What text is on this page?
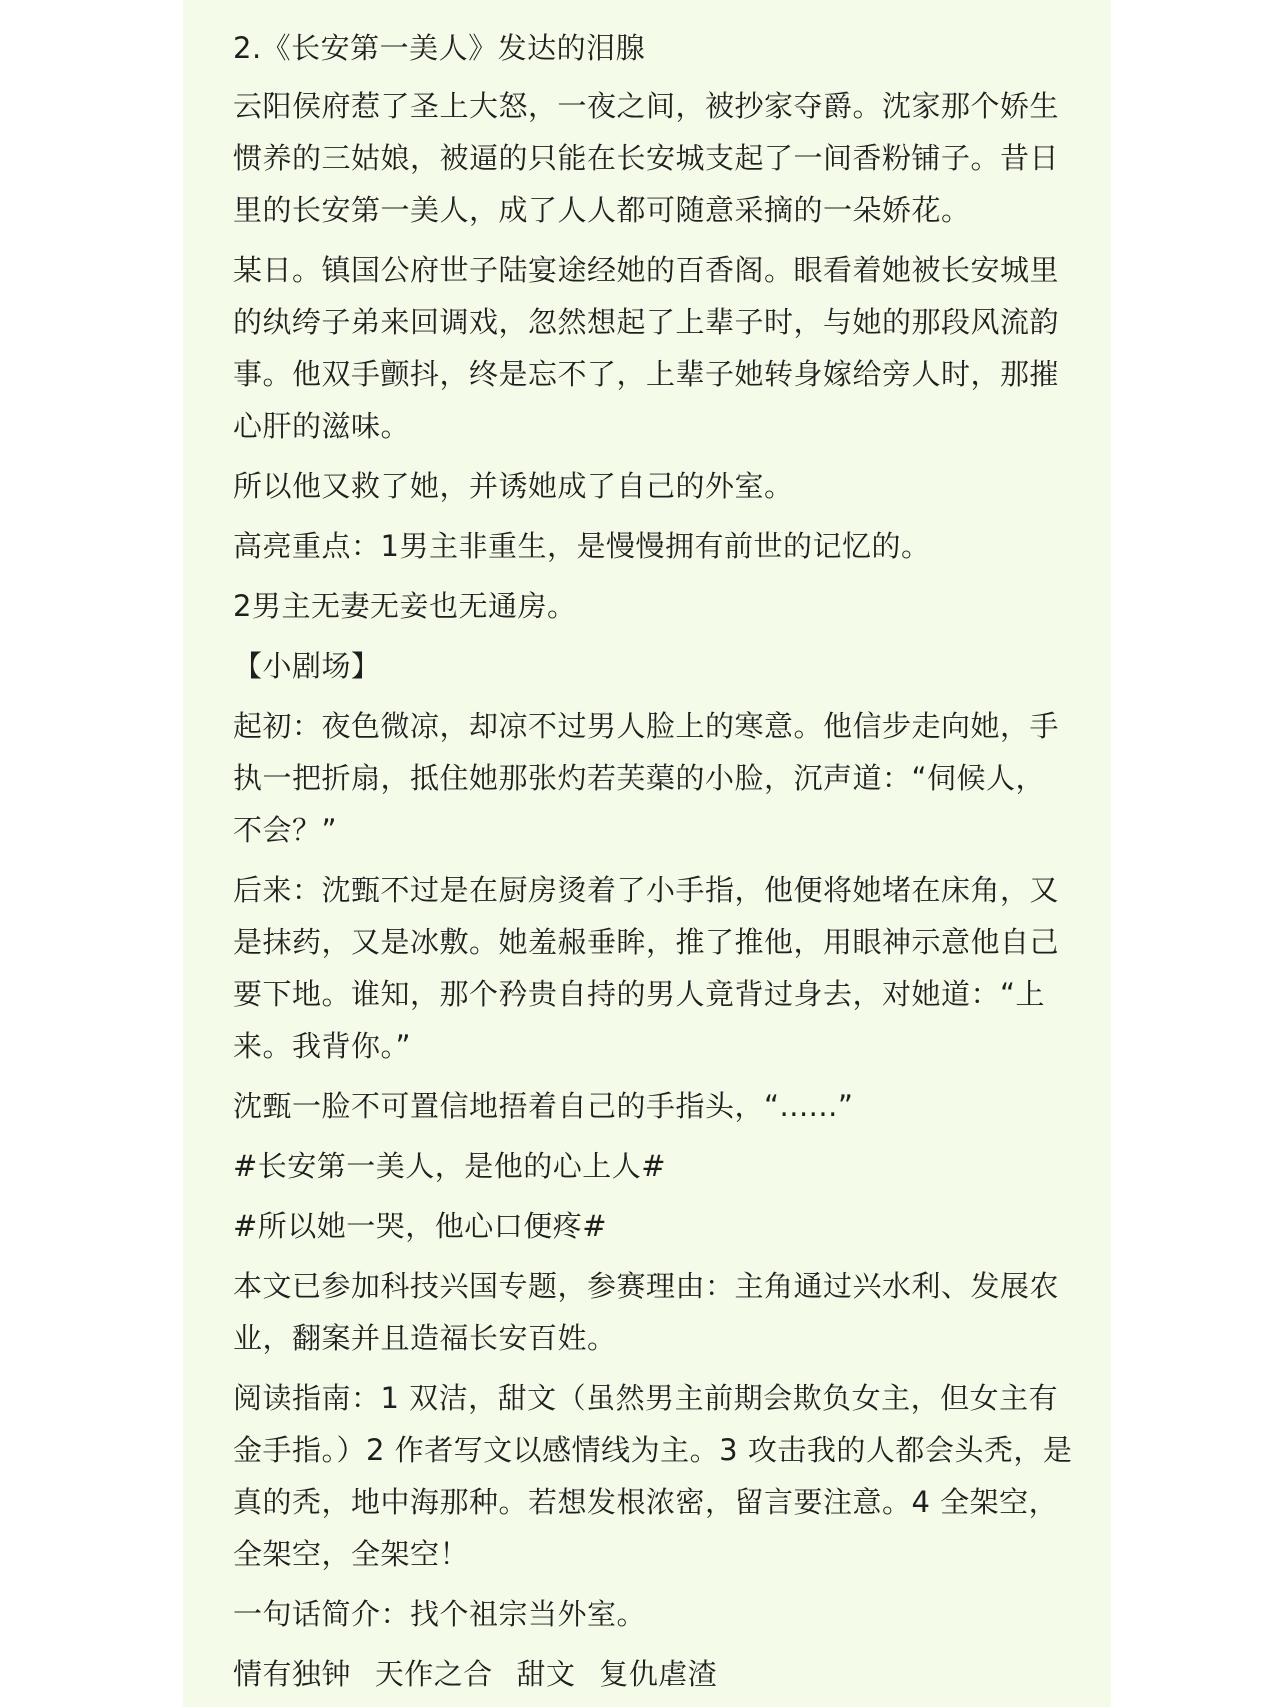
2.《长安第一美人》发达的泪腺
云阳侯府惹了圣上大怒，一夜之间，被抄家夺爵。沈家那个娇生惯养的三姑娘，被逼的只能在长安城支起了一间香粉铺子。昔日里的长安第一美人，成了人人都可随意采摘的一朵娇花。
某日。镇国公府世子陆宴途经她的百香阁。眼看着她被长安城里的纨绔子弟来回调戏，忽然想起了上辈子时，与她的那段风流韵事。他双手颤抖，终是忘不了，上辈子她转身嫁给旁人时，那摧心肝的滋味。
所以他又救了她，并诱她成了自己的外室。
高亮重点：1男主非重生，是慢慢拥有前世的记忆的。
2男主无妻无妾也无通房。
【小剧场】
起初：夜色微凉，却凉不过男人脸上的寒意。他信步走向她，手执一把折扇，抵住她那张灼若芙蕖的小脸，沉声道：“伺候人，不会？”
后来：沈甄不过是在厨房烫着了小手指，他便将她堵在床角，又是抹药，又是冰敷。她羞赧垂眸，推了推他，用眼神示意他自己要下地。谁知，那个矜贵自持的男人竟背过身去，对她道：“上来。我背你。”
沈甄一脸不可置信地捂着自己的手指头，“......”
#长安第一美人，是他的心上人#
#所以她一哭，他心口便疼#
本文已参加科技兴国专题，参赛理由：主角通过兴水利、发展农业，翻案并且造福长安百姓。
阅读指南：1 双洁，甜文（虽然男主前期会欺负女主，但女主有金手指。）2 作者写文以感情线为主。3 攻击我的人都会头秃，是真的秃，地中海那种。若想发根浓密，留言要注意。4 全架空，全架空，全架空！
一句话简介：找个祖宗当外室。
情有独钟 天作之合 甜文 复仇虐渣
